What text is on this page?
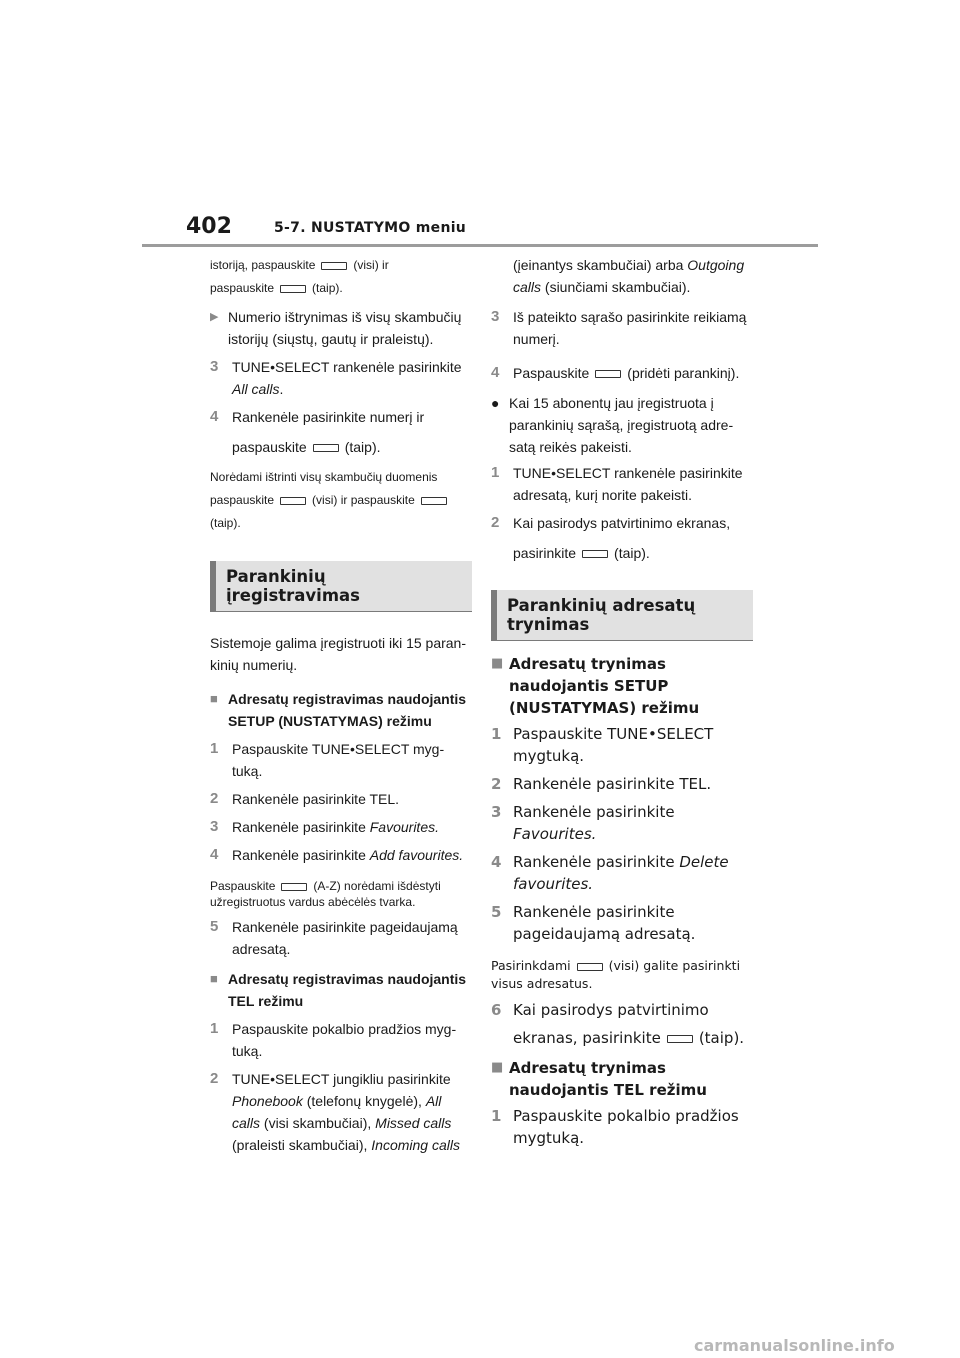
402	5-7. NUSTATYMO meniu

istoriją, paspauskite	(visi) ir

paspauskite	(taip).

▶ Numerio ištrynimas iš visų skambučių istorijų (siųstų, gautų ir praleistų).
3 TUNE•SELECT rankenėle pasirinkite
All calls.
4 Rankenėle pasirinkite numerį ir
paspauskite	(taip).

Norėdami ištrinti visų skambučių duomenis

paspauskite	(visi) ir paspauskite(taip).

Parankinių įregistravimas

Sistemoje galima įregistruoti iki 15 paran-kinių numerių.

■ Adresatų registravimas naudojantis SETUP (NUSTATYMAS) režimu
1 Paspauskite TUNE•SELECT myg-tuką.
2 Rankenėle pasirinkite TEL.
3 Rankenėle pasirinkite Favourites.
4 Rankenėle pasirinkite Add favourites.

Paspauskite	(A-Z) norėdami išdėstyti
užregistruotus vardus abėcėlės tvarka.

5 Rankenėle pasirinkite pageidaujamą adresatą.
■ Adresatų registravimas naudojantis TEL režimu
1 Paspauskite pokalbio pradžios myg-tuką.
2 TUNE•SELECT jungikliu pasirinkite Phonebook (telefonų knygelė), All calls (visi skambučiai), Missed calls (praleisti skambučiai), Incoming calls
(įeinantys skambučiai) arba Outgoing calls (siunčiami skambučiai).
3 Iš pateikto sąrašo pasirinkite reikiamą numerį.
4 Paspauskite	(pridėti parankinį).
● Kai 15 abonentų jau įregistruota į parankinių sąrašą, įregistruotą adre-satą reikės pakeisti.
1 TUNE•SELECT rankenėle pasirinkite adresatą, kurį norite pakeisti.
2 Kai pasirodys patvirtinimo ekranas,
pasirinkite	(taip).
Parankinių adresatų trynimas
■ Adresatų trynimas naudojantis SETUP (NUSTATYMAS) režimu
1 Paspauskite TUNE•SELECT mygtuką.
2 Rankenėle pasirinkite TEL.
3 Rankenėle pasirinkite
Favourites.
4 Rankenėle pasirinkite Delete favourites.
5 Rankenėle pasirinkite pageidaujamą adresatą.

Pasirinkdami	(visi) galite pasirinkti
visus adresatus.

6 Kai pasirodys patvirtinimo
ekranas, pasirinkite	(taip).
■ Adresatų trynimas naudojantis TEL režimu
1 Paspauskite pokalbio pradžios mygtuką.
carmanualsonline.info
